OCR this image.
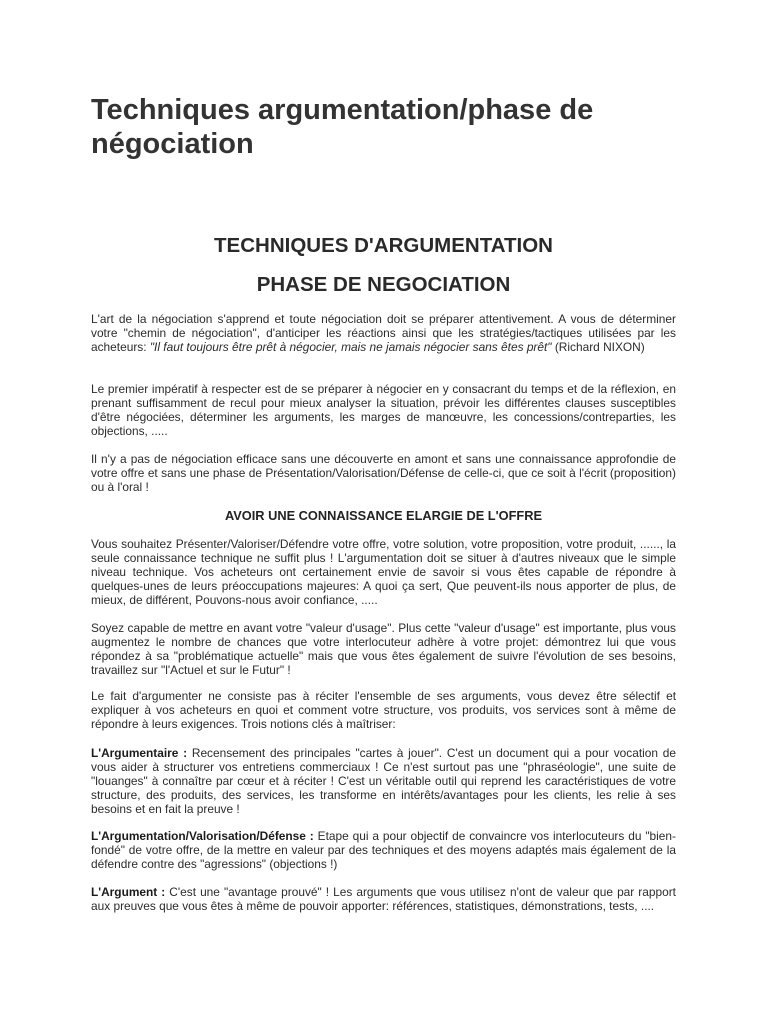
Techniques argumentation/phase de négociation
TECHNIQUES D'ARGUMENTATION
PHASE DE NEGOCIATION

L'art de la négociation s'apprend et toute négociation doit se préparer attentivement. A vous de déterminer votre "chemin de négociation", d'anticiper les réactions ainsi que les stratégies/tactiques utilisées par les acheteurs: "Il faut toujours être prêt à négocier, mais ne jamais négocier sans êtes prêt" (Richard NIXON)

Le premier impératif à respecter est de se préparer à négocier en y consacrant du temps et de la réflexion, en prenant suffisamment de recul pour mieux analyser la situation, prévoir les différentes clauses susceptibles d'être négociées, déterminer les arguments, les marges de manœuvre, les concessions/contreparties, les objections, .....

Il n'y a pas de négociation efficace sans une découverte en amont et sans une connaissance approfondie de votre offre et sans une phase de Présentation/Valorisation/Défense de celle-ci, que ce soit à l'écrit (proposition) ou à l'oral !

AVOIR UNE CONNAISSANCE ELARGIE DE L'OFFRE

Vous souhaitez Présenter/Valoriser/Défendre votre offre, votre solution, votre proposition, votre produit, ......, la seule connaissance technique ne suffit plus ! L'argumentation doit se situer à d'autres niveaux que le simple niveau technique. Vos acheteurs ont certainement envie de savoir si vous êtes capable de répondre à quelques-unes de leurs préoccupations majeures: A quoi ça sert, Que peuvent-ils nous apporter de plus, de mieux, de différent, Pouvons-nous avoir confiance, .....

Soyez capable de mettre en avant votre "valeur d'usage". Plus cette "valeur d'usage" est importante, plus vous augmentez le nombre de chances que votre interlocuteur adhère à votre projet: démontrez lui que vous répondez à sa "problématique actuelle" mais que vous êtes également de suivre l'évolution de ses besoins, travaillez sur "l'Actuel et sur le Futur" !

Le fait d'argumenter ne consiste pas à réciter l'ensemble de ses arguments, vous devez être sélectif et expliquer à vos acheteurs en quoi et comment votre structure, vos produits, vos services sont à même de répondre à leurs exigences. Trois notions clés à maîtriser:

L'Argumentaire : Recensement des principales "cartes à jouer". C'est un document qui a pour vocation de vous aider à structurer vos entretiens commerciaux ! Ce n'est surtout pas une "phraséologie", une suite de "louanges" à connaître par cœur et à réciter ! C'est un véritable outil qui reprend les caractéristiques de votre structure, des produits, des services, les transforme en intérêts/avantages pour les clients, les relie à ses besoins et en fait la preuve !

L'Argumentation/Valorisation/Défense : Etape qui a pour objectif de convaincre vos interlocuteurs du "bien-fondé" de votre offre, de la mettre en valeur par des techniques et des moyens adaptés mais également de la défendre contre des "agressions" (objections !)

L'Argument : C'est une "avantage prouvé" ! Les arguments que vous utilisez n'ont de valeur que par rapport aux preuves que vous êtes à même de pouvoir apporter: références, statistiques, démonstrations, tests, ....
